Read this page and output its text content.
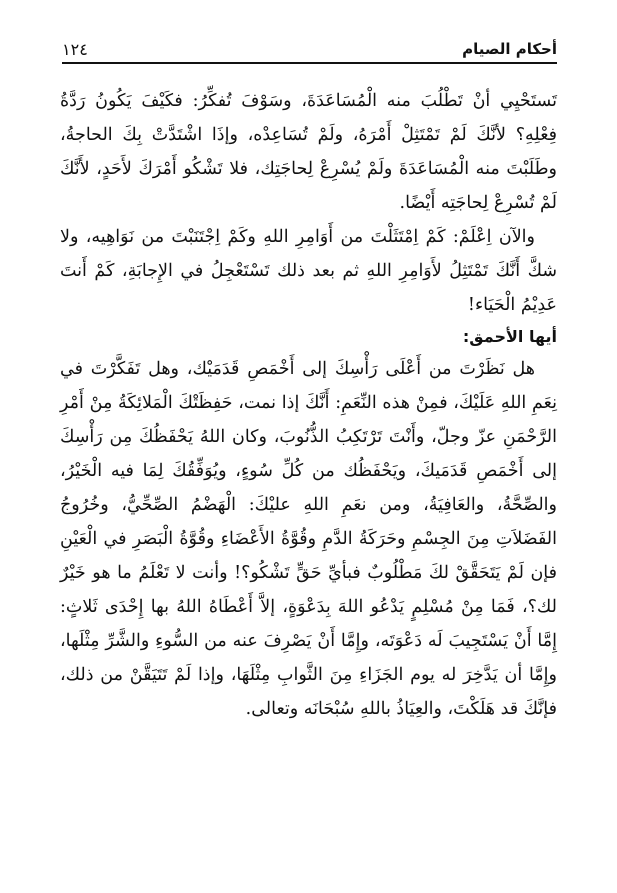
أحكام الصيام
١٢٤

تَستَحْيِي أنْ تَطْلُبَ منه الْمُسَاعَدَةَ، وسَوْفَ تُفكِّرُ: فكَيْفَ يَكُونُ رَدَّةُ فِعْلِهِ؟ لأنَّكَ لَمْ تَمْتَثِلْ أَمْرَهُ، ولَمْ تُسَاعِدْه، وإذَا اشْتَدَّتْ بِكَ الحاجةُ، وطَلَبْتَ منه الْمُسَاعَدَةَ ولَمْ يُسْرِعْ لِحاجَتِك، فلا تَشْكُو أَمْرَكَ لأَحَدٍ، لأَنَّكَ لَمْ تُسْرِعْ لِحاجَتِه أَيْضًا.

والآن اِعْلَمْ: كَمْ اِمْتَثَلْتَ من أَوَامِرِ اللهِ وكَمْ اِجْتَنَبْتَ من نَوَاهِيه، ولا شكَّ أَنَّكَ تَمْتَثِلُ لأَوَامِرِ اللهِ ثم بعد ذلك تَسْتَعْجِلُ في الإِجابَةِ، كَمْ أَنتَ عَدِيْمُ الْحَيَاء!

أيها الأحمق:

هل نَظَرْتَ من أَعْلَى رَأْسِكَ إلى أَخْمَصِ قَدَمَيْك، وهل تَفَكَّرْتَ في نِعَمِ اللهِ عَلَيْكَ، فمِنْ هذه النِّعَمِ: أَنَّكَ إذا نمت، حَفِظَتْكَ الْمَلائِكَةُ مِنْ أَمْرِ الرَّحْمَنِ عزّ وجلّ، وأَنْتَ تَرْتَكِبُ الذُّنُوبَ، وكان اللهُ يَحْفَظُكَ مِن رَأْسِكَ إلى أَخْمَصِ قَدَمَيكَ، ويَحْفَظُك من كُلِّ سُوءٍ، ويُوَفِّقُكَ لِمَا فيه الْخَيْرُ، والصِّحَّةُ، والعَافِيَةُ، ومن نعَمِ اللهِ عليْكَ: الْهَضْمُ الصِّحِّيُّ، وخُرُوجُ الفَضَلاَتِ مِنَ الجِسْمِ وحَرَكَةُ الدَّمِ وقُوَّةُ الأَعْضَاءِ وقُوَّةُ الْبَصَرِ في الْعَيْنِ فإن لَمْ يَتَحَقَّقْ لكَ مَطْلُوبٌ فبأيِّ حَقٍّ تَشْكُو؟! وأنت لا تَعْلَمُ ما هو خَيْرٌ لك؟، فَمَا مِنْ مُسْلِمٍ يَدْعُو اللهَ بِدَعْوَةٍ، إلاَّ أَعْطَاهُ اللهُ بها إِحْدَى ثَلاثٍ: إِمَّا أَنْ يَسْتَجِيبَ لَه دَعْوَتَه، وإِمَّا أَنْ يَصْرِفَ عنه من السُّوءِ والشَّرِّ مِثْلَها، وإِمَّا أن يَدَّخِرَ له يوم الجَزَاءِ مِنَ الثَّوابِ مِثْلَهَا، وإذا لَمْ تَتَيَقَّنْ من ذلك، فإنَّكَ قد هَلَكْتَ، والعِيَاذُ باللهِ سُبْحَانَه وتعالى.
